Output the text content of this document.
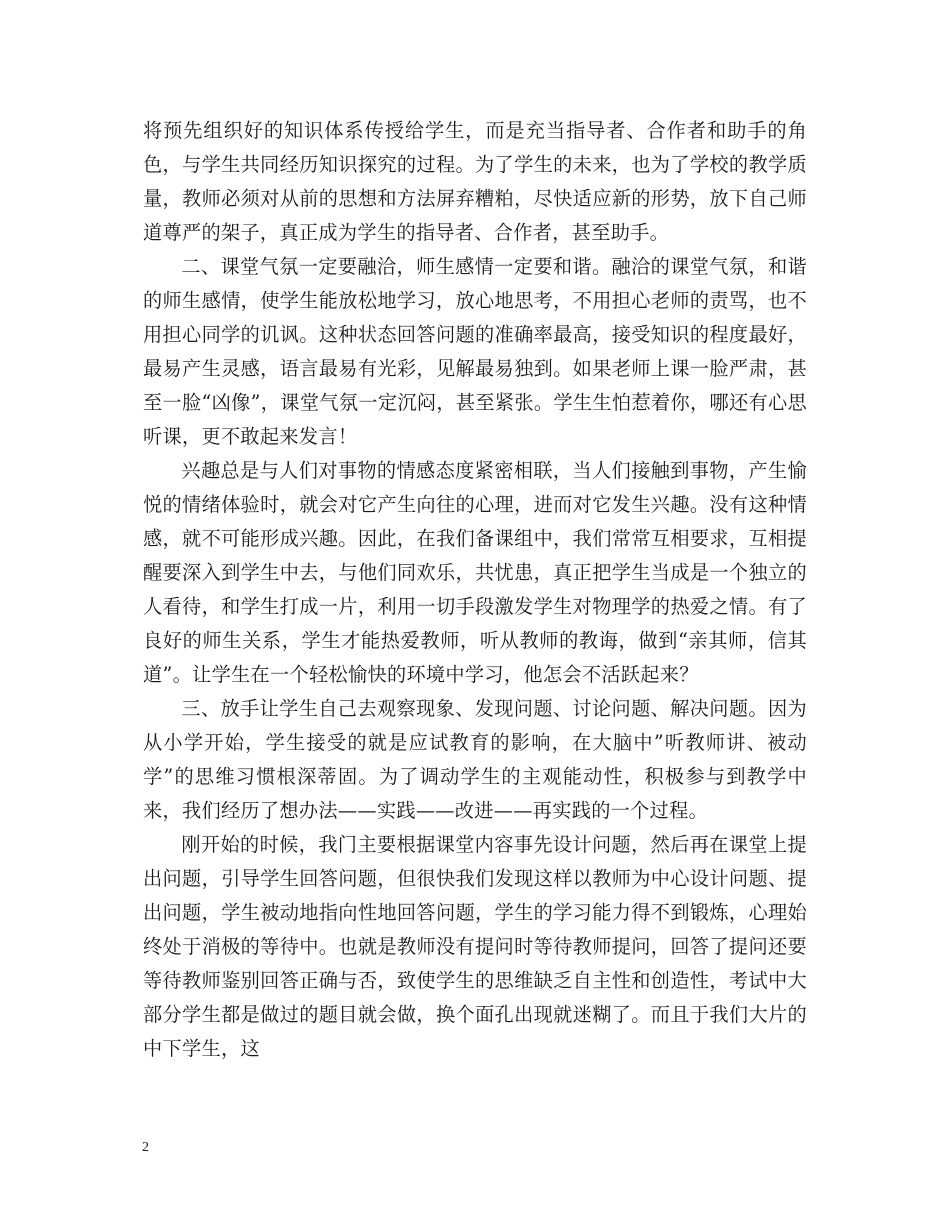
将预先组织好的知识体系传授给学生，而是充当指导者、合作者和助手的角色，与学生共同经历知识探究的过程。为了学生的未来，也为了学校的教学质量，教师必须对从前的思想和方法屏弃糟粕，尽快适应新的形势，放下自己师道尊严的架子，真正成为学生的指导者、合作者，甚至助手。

二、课堂气氛一定要融洽，师生感情一定要和谐。融洽的课堂气氛，和谐的师生感情，使学生能放松地学习，放心地思考，不用担心老师的责骂，也不用担心同学的讥讽。这种状态回答问题的准确率最高，接受知识的程度最好，最易产生灵感，语言最易有光彩，见解最易独到。如果老师上课一脸严肃，甚至一脸“凶像”，课堂气氛一定沉闷，甚至紧张。学生生怕惹着你，哪还有心思听课，更不敢起来发言！

兴趣总是与人们对事物的情感态度紧密相联，当人们接触到事物，产生愉悦的情绪体验时，就会对它产生向往的心理，进而对它发生兴趣。没有这种情感，就不可能形成兴趣。因此，在我们备课组中，我们常常互相要求，互相提醒要深入到学生中去，与他们同欢乐，共忧患，真正把学生当成是一个独立的人看待，和学生打成一片，利用一切手段激发学生对物理学的热爱之情。有了良好的师生关系，学生才能热爱教师，听从教师的教诲，做到“亲其师，信其道”。让学生在一个轻松愉快的环境中学习，他怎会不活跃起来？

三、放手让学生自己去观察现象、发现问题、讨论问题、解决问题。因为从小学开始，学生接受的就是应试教育的影响，在大脑中”听教师讲、被动学”的思维习惯根深蒂固。为了调动学生的主观能动性，积极参与到教学中来，我们经历了想办法——实践——改进——再实践的一个过程。

刚开始的时候，我门主要根据课堂内容事先设计问题，然后再在课堂上提出问题，引导学生回答问题，但很快我们发现这样以教师为中心设计问题、提出问题，学生被动地指向性地回答问题，学生的学习能力得不到锻炼，心理始终处于消极的等待中。也就是教师没有提问时等待教师提问，回答了提问还要等待教师鉴别回答正确与否，致使学生的思维缺乏自主性和创造性，考试中大部分学生都是做过的题目就会做，换个面孔出现就迷糊了。而且于我们大片的中下学生，这

2
